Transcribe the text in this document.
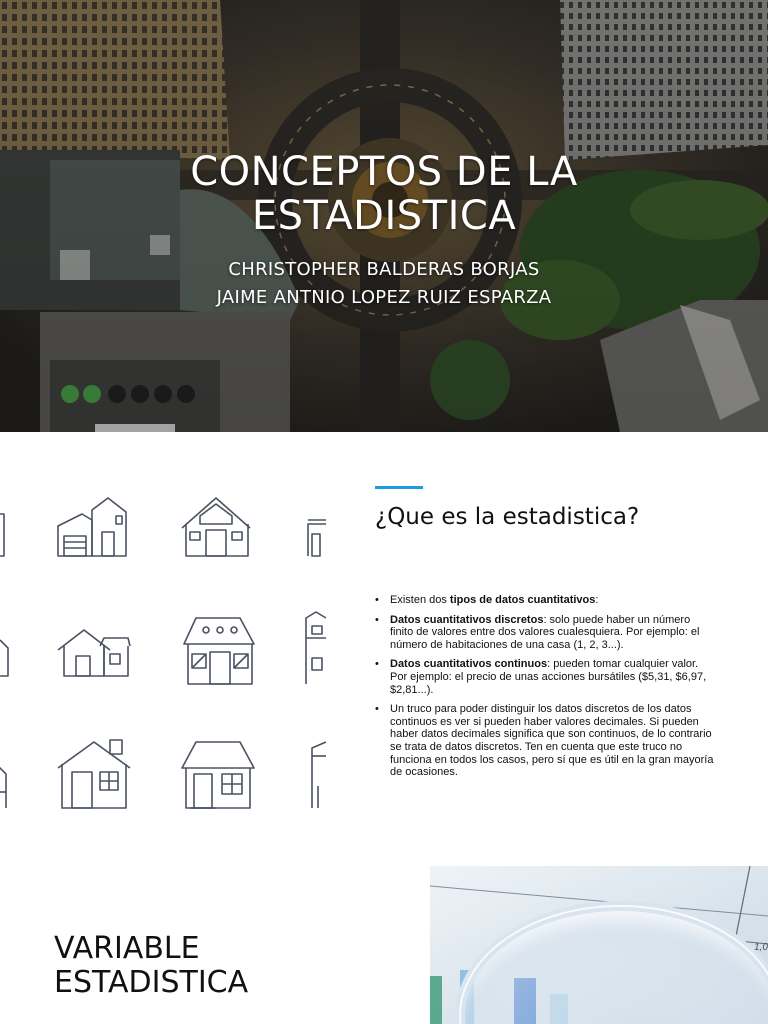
CONCEPTOS DE LA
ESTADISTICA
CHRISTOPHER BALDERAS BORJAS
JAIME ANTNIO LOPEZ RUIZ ESPARZA
¿Que es la estadistica?
• Existen dos tipos de datos cuantitativos:
• Datos cuantitativos discretos: solo puede haber un número finito de valores entre dos valores cualesquiera. Por ejemplo: el número de habitaciones de una casa (1, 2, 3...).
• Datos cuantitativos continuos: pueden tomar cualquier valor. Por ejemplo: el precio de unas acciones bursátiles ($5,31, $6,97, $2,81...).
• Un truco para poder distinguir los datos discretos de los datos continuos es ver si pueden haber valores decimales. Si pueden haber datos decimales significa que son continuos, de lo contrario se trata de datos discretos. Ten en cuenta que este truco no funciona en todos los casos, pero sí que es útil en la gran mayoría de ocasiones.
VARIABLE
ESTADISTICA
1,0
